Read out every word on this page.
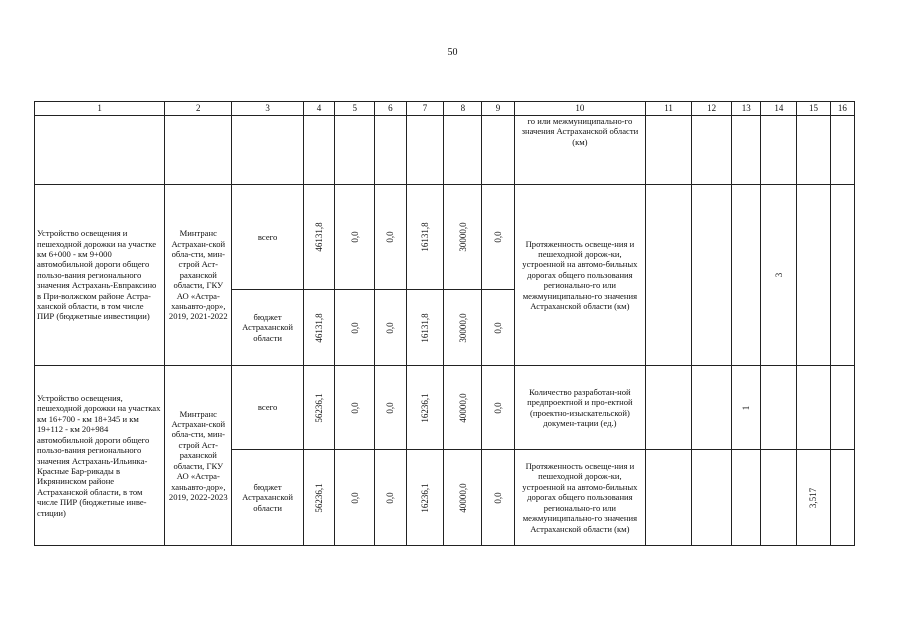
50
1	2	3	4	5	6	7	8	9	10	11	12	13	14	15	16
									го или межмуниципально-го значения Астраханской области (км)						
Устройство освещения и пешеходной дорожки на участке км 6+000 - км 9+000 автомобильной дороги общего пользо-вания регионального значения Астрахань-Евпраксино в При-волжском районе Астра-ханской области, в том числе ПИР (бюджетные инвестиции)	Минтранс Астрахан-ской обла-сти, мин-строй Аст-раханской области, ГКУ АО «Астра-ханьавто-дор», 2019, 2021-2022	всего	46131,8	0,0	0,0	16131,8	30000,0	0,0	Протяженность освеще-ния и пешеходной дорож-ки, устроенной на автомо-бильных дорогах общего пользования регионально-го или межмуниципально-го значения Астраханской области (км)				3		

		бюджет Астраханской области	46131,8	0,0	0,0	16131,8	30000,0	0,0							

Устройство освещения, пешеходной дорожки на участках км 16+700 - км 18+345 и км 19+112 - км 20+984 автомобильной дороги общего пользо-вания регионального значения Астрахань-Ильинка-Красные Бар-рикады в Икрянинском районе Астраханской области, в том числе ПИР (бюджетные инве-стиции)	Минтранс Астрахан-ской обла-сти, мин-строй Аст-раханской области, ГКУ АО «Астра-ханьавто-дор», 2019, 2022-2023	всего	56236,1	0,0	0,0	16236,1	40000,0	0,0	Количество разработан-ной предпроектной и про-ектной (проектно-изыскательской) докумен-тации (ед.)			1			

		бюджет Астраханской области	56236,1	0,0	0,0	16236,1	40000,0	0,0	Протяженность освеще-ния и пешеходной дорож-ки, устроенной на автомо-бильных дорогах общего пользования регионально-го или межмуниципально-го значения Астраханской области (км)					3,517	
